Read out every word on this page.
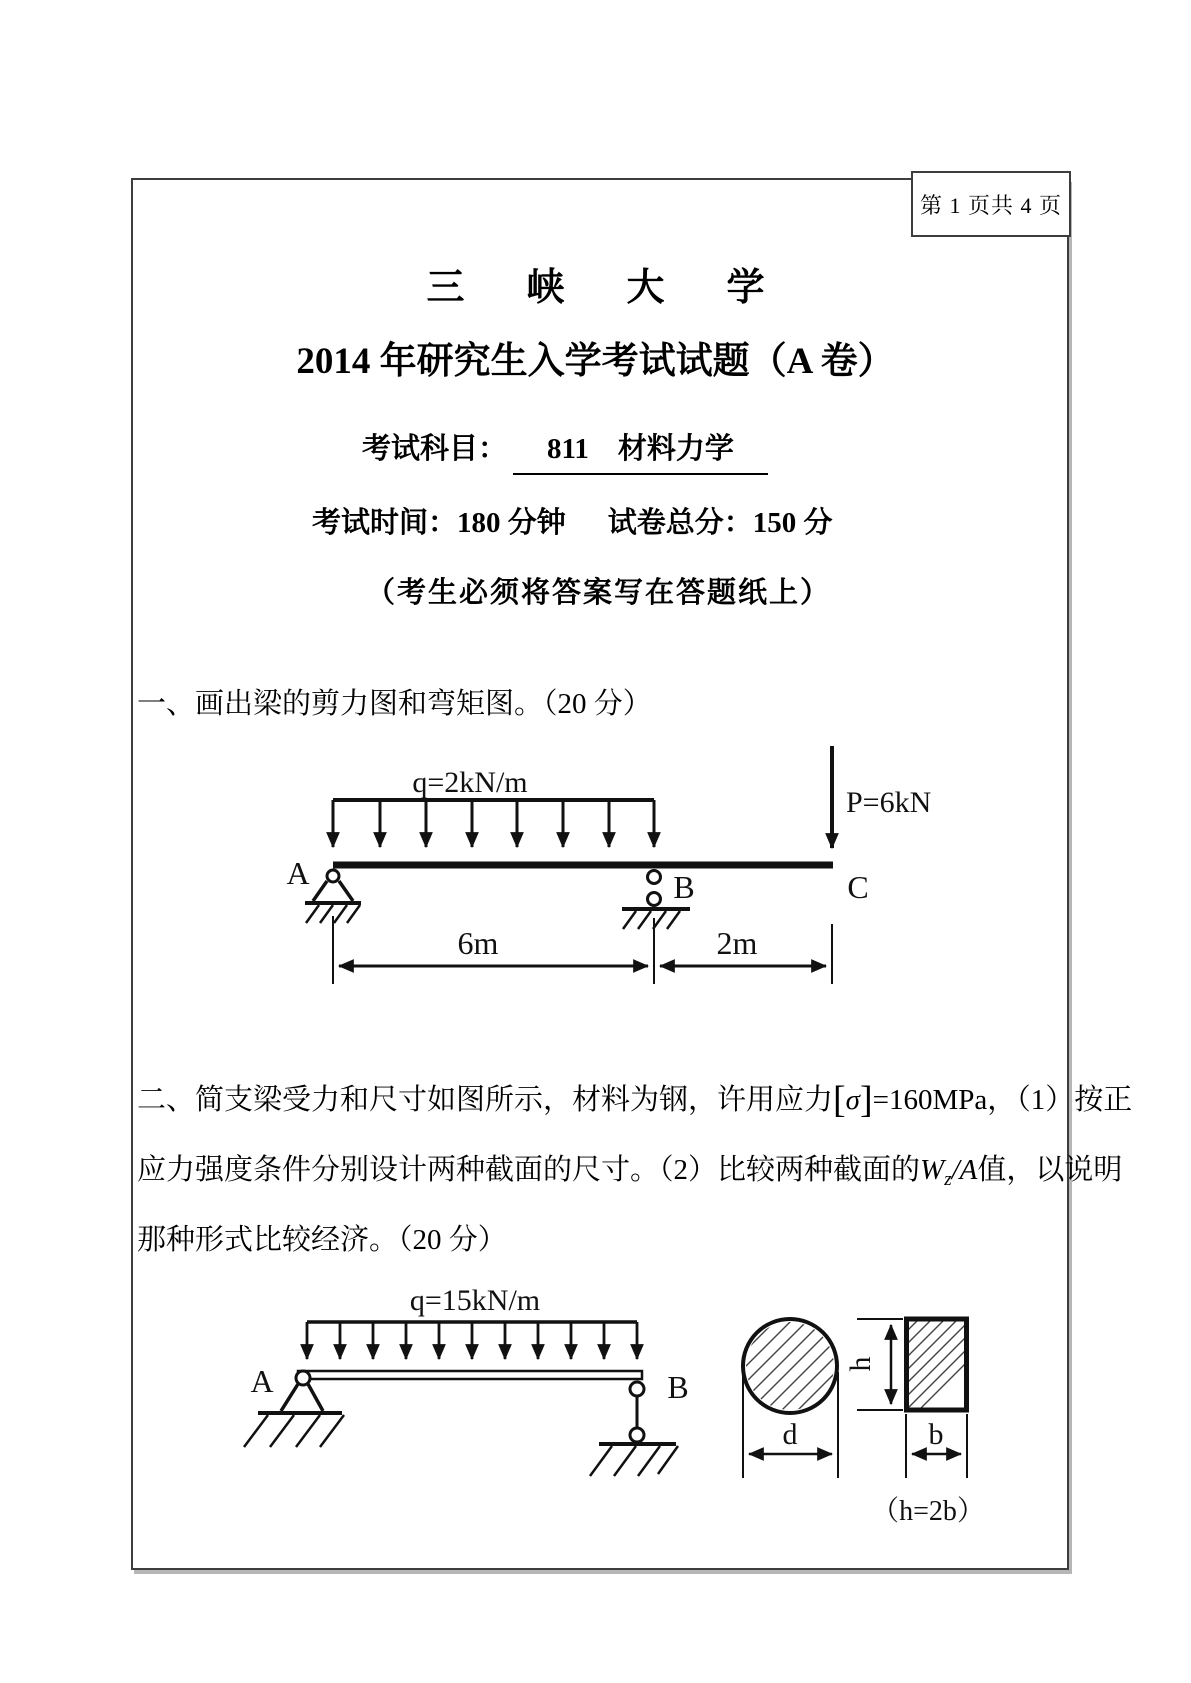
第 1 页共 4 页
三峡大学
2014 年研究生入学考试试题（A 卷）
考试科目： 811　材料力学
考试时间：180 分钟 试卷总分：150 分
（考生必须将答案写在答题纸上）
一、画出梁的剪力图和弯矩图。（20 分）
q=2kN/m
P=6kN
A	B	C
6m	2m
二、简支梁受力和尺寸如图所示，材料为钢，许用应力[σ]=160MPa，（1）按正
应力强度条件分别设计两种截面的尺寸。（2）比较两种截面的$W_z/A$值，以说明
那种形式比较经济。（20 分）
q=15kN/m
A	B
d
h
b
（h=2b）
